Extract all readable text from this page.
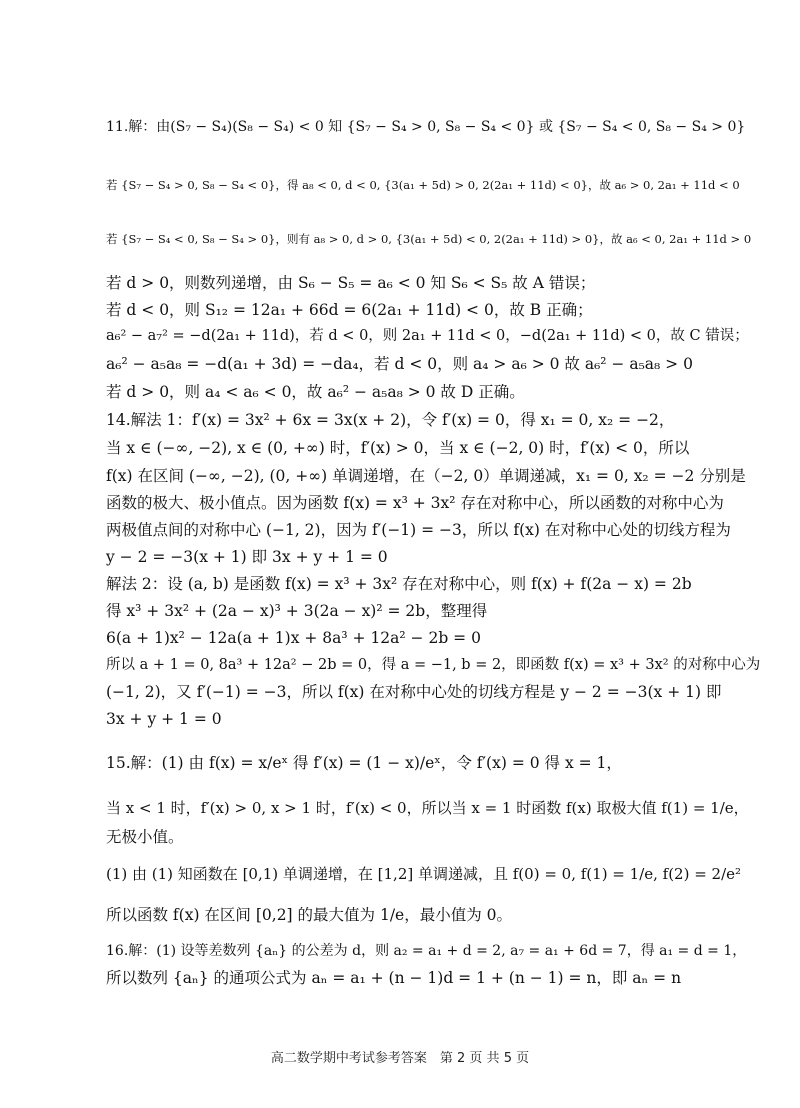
11.解：由(S₇ − S₄)(S₈ − S₄) < 0 知 {S₇ − S₄ > 0, S₈ − S₄ < 0} 或 {S₇ − S₄ < 0, S₈ − S₄ > 0}
若 {S₇ − S₄ > 0, S₈ − S₄ < 0}，得 a₈ < 0, d < 0, {3(a₁ + 5d) > 0, 2(2a₁ + 11d) < 0}，故 a₆ > 0, 2a₁ + 11d < 0
若 {S₇ − S₄ < 0, S₈ − S₄ > 0}，则有 a₈ > 0, d > 0, {3(a₁ + 5d) < 0, 2(2a₁ + 11d) > 0}，故 a₆ < 0, 2a₁ + 11d > 0
若 d > 0，则数列递增，由 S₆ − S₅ = a₆ < 0 知 S₆ < S₅ 故 A 错误；
若 d < 0，则 S₁₂ = 12a₁ + 66d = 6(2a₁ + 11d) < 0，故 B 正确；
a₆² − a₇² = −d(2a₁ + 11d)，若 d < 0，则 2a₁ + 11d < 0，−d(2a₁ + 11d) < 0，故 C 错误；
a₆² − a₅a₈ = −d(a₁ + 3d) = −da₄，若 d < 0，则 a₄ > a₆ > 0 故 a₆² − a₅a₈ > 0
若 d > 0，则 a₄ < a₆ < 0，故 a₆² − a₅a₈ > 0 故 D 正确。
14.解法 1：f′(x) = 3x² + 6x = 3x(x + 2)，令 f′(x) = 0，得 x₁ = 0, x₂ = −2，
当 x ∈ (−∞, −2), x ∈ (0, +∞) 时，f′(x) > 0，当 x ∈ (−2, 0) 时，f′(x) < 0，所以
f(x) 在区间 (−∞, −2), (0, +∞) 单调递增，在（−2, 0）单调递减，x₁ = 0, x₂ = −2 分别是
函数的极大、极小值点。因为函数 f(x) = x³ + 3x² 存在对称中心，所以函数的对称中心为
两极值点间的对称中心 (−1, 2)，因为 f′(−1) = −3，所以 f(x) 在对称中心处的切线方程为
y − 2 = −3(x + 1) 即 3x + y + 1 = 0
解法 2：设 (a, b) 是函数 f(x) = x³ + 3x² 存在对称中心，则 f(x) + f(2a − x) = 2b
得 x³ + 3x² + (2a − x)³ + 3(2a − x)² = 2b，整理得
6(a + 1)x² − 12a(a + 1)x + 8a³ + 12a² − 2b = 0
所以 a + 1 = 0, 8a³ + 12a² − 2b = 0，得 a = −1, b = 2，即函数 f(x) = x³ + 3x² 的对称中心为
(−1, 2)，又 f′(−1) = −3，所以 f(x) 在对称中心处的切线方程是 y − 2 = −3(x + 1) 即
3x + y + 1 = 0
15.解：(1) 由 f(x) = x/eˣ 得 f′(x) = (1 − x)/eˣ，令 f′(x) = 0 得 x = 1，
当 x < 1 时，f′(x) > 0, x > 1 时，f′(x) < 0，所以当 x = 1 时函数 f(x) 取极大值 f(1) = 1/e，
无极小值。
(1) 由 (1) 知函数在 [0,1) 单调递增，在 [1,2] 单调递减，且 f(0) = 0, f(1) = 1/e, f(2) = 2/e²
所以函数 f(x) 在区间 [0,2] 的最大值为 1/e，最小值为 0。
16.解：(1) 设等差数列 {aₙ} 的公差为 d，则 a₂ = a₁ + d = 2, a₇ = a₁ + 6d = 7，得 a₁ = d = 1，
所以数列 {aₙ} 的通项公式为 aₙ = a₁ + (n − 1)d = 1 + (n − 1) = n，即 aₙ = n
高二数学期中考试参考答案　第 2 页 共 5 页
